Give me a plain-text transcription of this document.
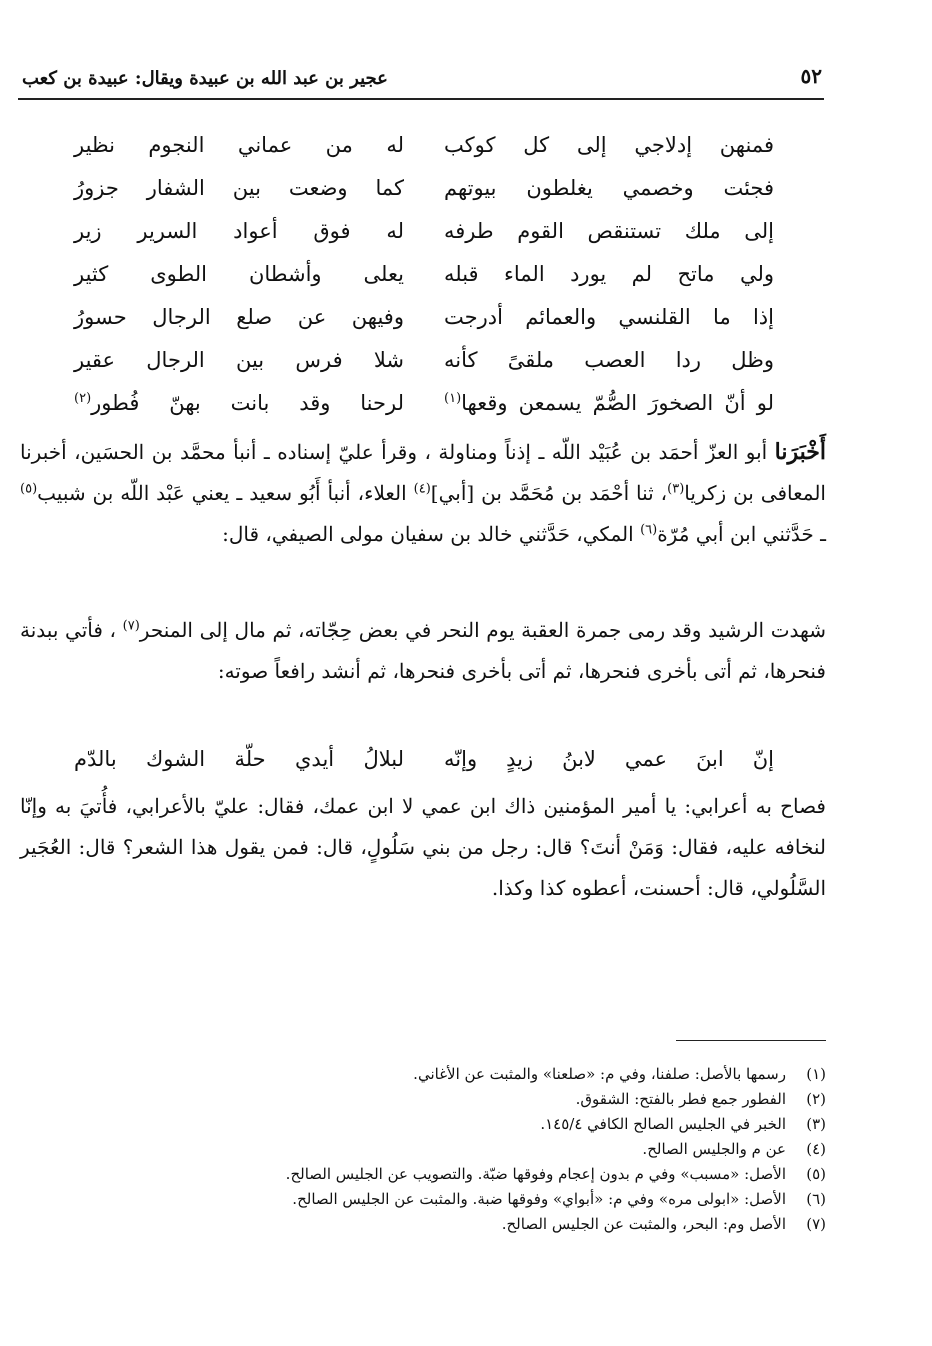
٥٢
عجير بن عبد الله بن عبيدة ويقال: عبيدة بن كعب
فمنهن إدلاجي إلى كل كوكب
له من عماني النجوم نظير
فجئت وخصمي يغلطون بيوتهم
كما وضعت بين الشفار جزورُ
إلى ملك تستنقص القوم طرفه
له فوق أعواد السرير زير
ولي ماتح لم يورد الماء قبله
يعلى وأشطان الطوى كثير
إذا ما القلنسي والعمائم أدرجت
وفيهن عن صلع الرجال حسورُ
وظل ردا العصب ملقىً كأنه
شلا فرس بين الرجال عقير
لو أنّ الصخورَ الصُّمّ يسمعن وقعها$^{(١)}$
لرحنا وقد بانت بهنّ فُطور$^{(٢)}$
أَخْبَرَنا أبو العزّ أحمَد بن عُبَيْد اللّه ـ إذناً ومناولة ، وقرأ عليّ إسناده ـ أنبأ محمَّد بن الحسَين، أخبرنا المعافى بن زكريا$^{(٣)}$، ثنا أحْمَد بن مُحَمَّد بن [أبي]$^{(٤)}$ العلاء، أنبأ أَبُو سعيد ـ يعني عَبْد اللّه بن شبيب$^{(٥)}$ ـ حَدَّثني ابن أبي مُرّة$^{(٦)}$ المكي، حَدَّثني خالد بن سفيان مولى الصيفي، قال:
شهدت الرشيد وقد رمى جمرة العقبة يوم النحر في بعض حِجّاته، ثم مال إلى المنحر$^{(٧)}$ ، فأتي ببدنة فنحرها، ثم أتى بأخرى فنحرها، ثم أتى بأخرى فنحرها، ثم أنشد رافعاً صوته:
إنّ ابنَ عمي لابنُ زيدٍ وإنّه
لبلالُ أيدي حلّة الشوك بالدّم
فصاح به أعرابي: يا أمير المؤمنين ذاك ابن عمي لا ابن عمك، فقال: عليّ بالأعرابي، فأُتيَ به وإنّا لنخافه عليه، فقال: وَمَنْ أنتَ؟ قال: رجل من بني سَلُولٍ، قال: فمن يقول هذا الشعر؟ قال: العُجَير السَّلُولي، قال: أحسنت، أعطوه كذا وكذا.
(١)رسمها بالأصل: صلفنا، وفي م: «صلعنا» والمثبت عن الأغاني.
(٢)الفطور جمع فطر بالفتح: الشقوق.
(٣)الخبر في الجليس الصالح الكافي ١٤٥/٤.
(٤)عن م والجليس الصالح.
(٥)الأصل: «مسبب» وفي م بدون إعجام وفوقها ضبّة. والتصويب عن الجليس الصالح.
(٦)الأصل: «ابولى مره» وفي م: «أبواي» وفوقها ضبة. والمثبت عن الجليس الصالح.
(٧)الأصل وم: البحر، والمثبت عن الجليس الصالح.
